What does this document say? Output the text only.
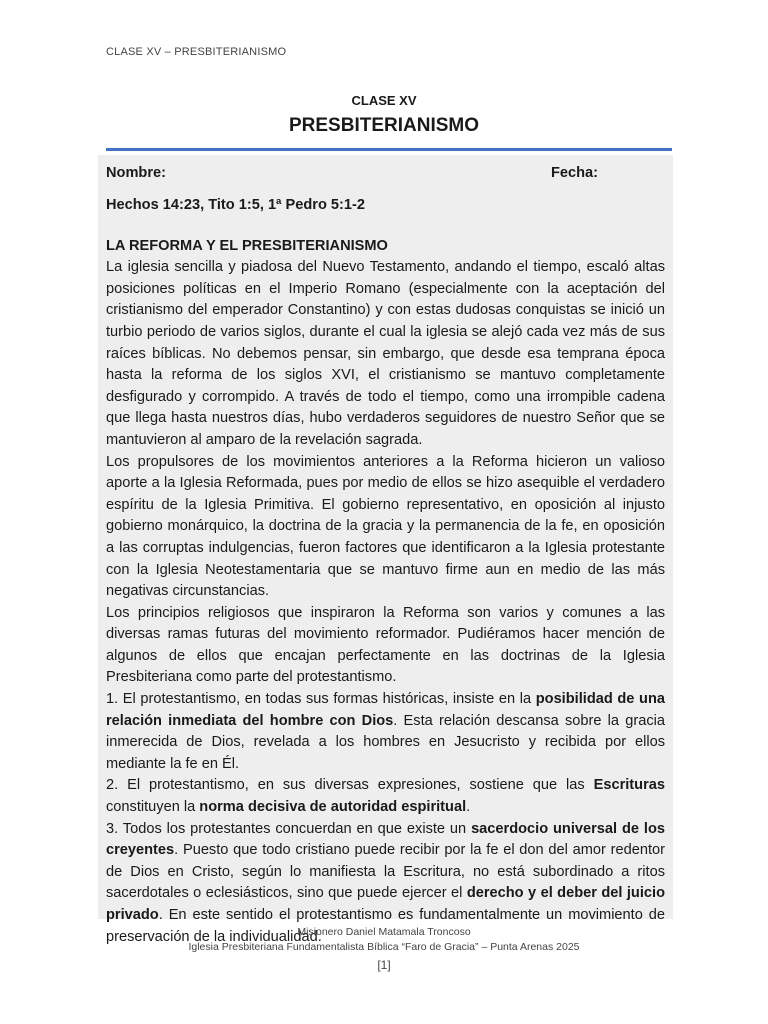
CLASE XV – PRESBITERIANISMO
CLASE XV
PRESBITERIANISMO
Nombre:	Fecha:
Hechos 14:23, Tito 1:5, 1ª Pedro 5:1-2
LA REFORMA Y EL PRESBITERIANISMO

La iglesia sencilla y piadosa del Nuevo Testamento, andando el tiempo, escaló altas posiciones políticas en el Imperio Romano (especialmente con la aceptación del cristianismo del emperador Constantino) y con estas dudosas conquistas se inició un turbio periodo de varios siglos, durante el cual la iglesia se alejó cada vez más de sus raíces bíblicas. No debemos pensar, sin embargo, que desde esa temprana época hasta la reforma de los siglos XVI, el cristianismo se mantuvo completamente desfigurado y corrompido. A través de todo el tiempo, como una irrompible cadena que llega hasta nuestros días, hubo verdaderos seguidores de nuestro Señor que se mantuvieron al amparo de la revelación sagrada.

Los propulsores de los movimientos anteriores a la Reforma hicieron un valioso aporte a la Iglesia Reformada, pues por medio de ellos se hizo asequible el verdadero espíritu de la Iglesia Primitiva. El gobierno representativo, en oposición al injusto gobierno monárquico, la doctrina de la gracia y la permanencia de la fe, en oposición a las corruptas indulgencias, fueron factores que identificaron a la Iglesia protestante con la Iglesia Neotestamentaria que se mantuvo firme aun en medio de las más negativas circunstancias.

Los principios religiosos que inspiraron la Reforma son varios y comunes a las diversas ramas futuras del movimiento reformador. Pudiéramos hacer mención de algunos de ellos que encajan perfectamente en las doctrinas de la Iglesia Presbiteriana como parte del protestantismo.

1. El protestantismo, en todas sus formas históricas, insiste en la posibilidad de una relación inmediata del hombre con Dios. Esta relación descansa sobre la gracia inmerecida de Dios, revelada a los hombres en Jesucristo y recibida por ellos mediante la fe en Él.

2. El protestantismo, en sus diversas expresiones, sostiene que las Escrituras constituyen la norma decisiva de autoridad espiritual.

3. Todos los protestantes concuerdan en que existe un sacerdocio universal de los creyentes. Puesto que todo cristiano puede recibir por la fe el don del amor redentor de Dios en Cristo, según lo manifiesta la Escritura, no está subordinado a ritos sacerdotales o eclesiásticos, sino que puede ejercer el derecho y el deber del juicio privado. En este sentido el protestantismo es fundamentalmente un movimiento de preservación de la individualidad.

Misionero Daniel Matamala Troncoso
Iglesia Presbiteriana Fundamentalista Bíblica “Faro de Gracia” – Punta Arenas 2025
[1]
